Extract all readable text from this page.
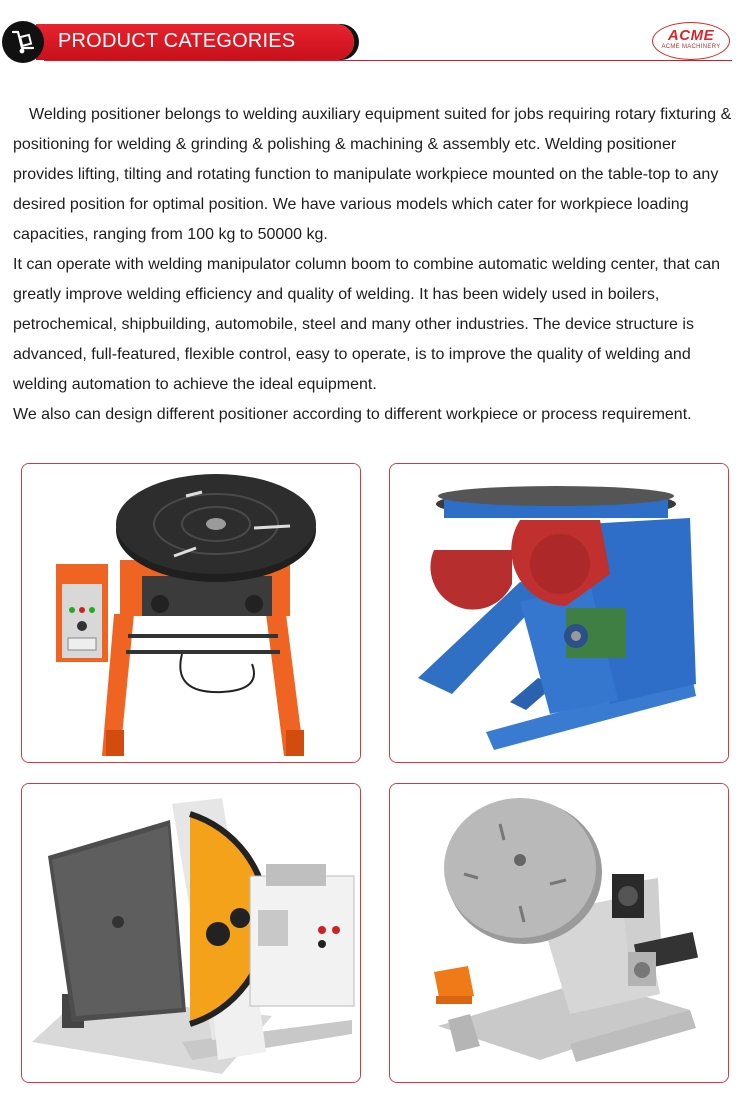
PRODUCT CATEGORIES	ACME
ACME MACHINERY

Welding positioner belongs to welding auxiliary equipment suited for jobs requiring rotary fixturing & positioning for welding & grinding & polishing & machining & assembly etc. Welding positioner provides lifting, tilting and rotating function to manipulate workpiece mounted on the table-top to any desired position for optimal position. We have various models which cater for workpiece loading capacities, ranging from 100 kg to 50000 kg.

It can operate with welding manipulator column boom to combine automatic welding center, that can greatly improve welding efficiency and quality of welding. It has been widely used in boilers, petrochemical, shipbuilding, automobile, steel and many other industries. The device structure is advanced, full-featured, flexible control, easy to operate, is to improve the quality of welding and welding automation to achieve the ideal equipment.

We also can design different positioner according to different workpiece or process requirement.
